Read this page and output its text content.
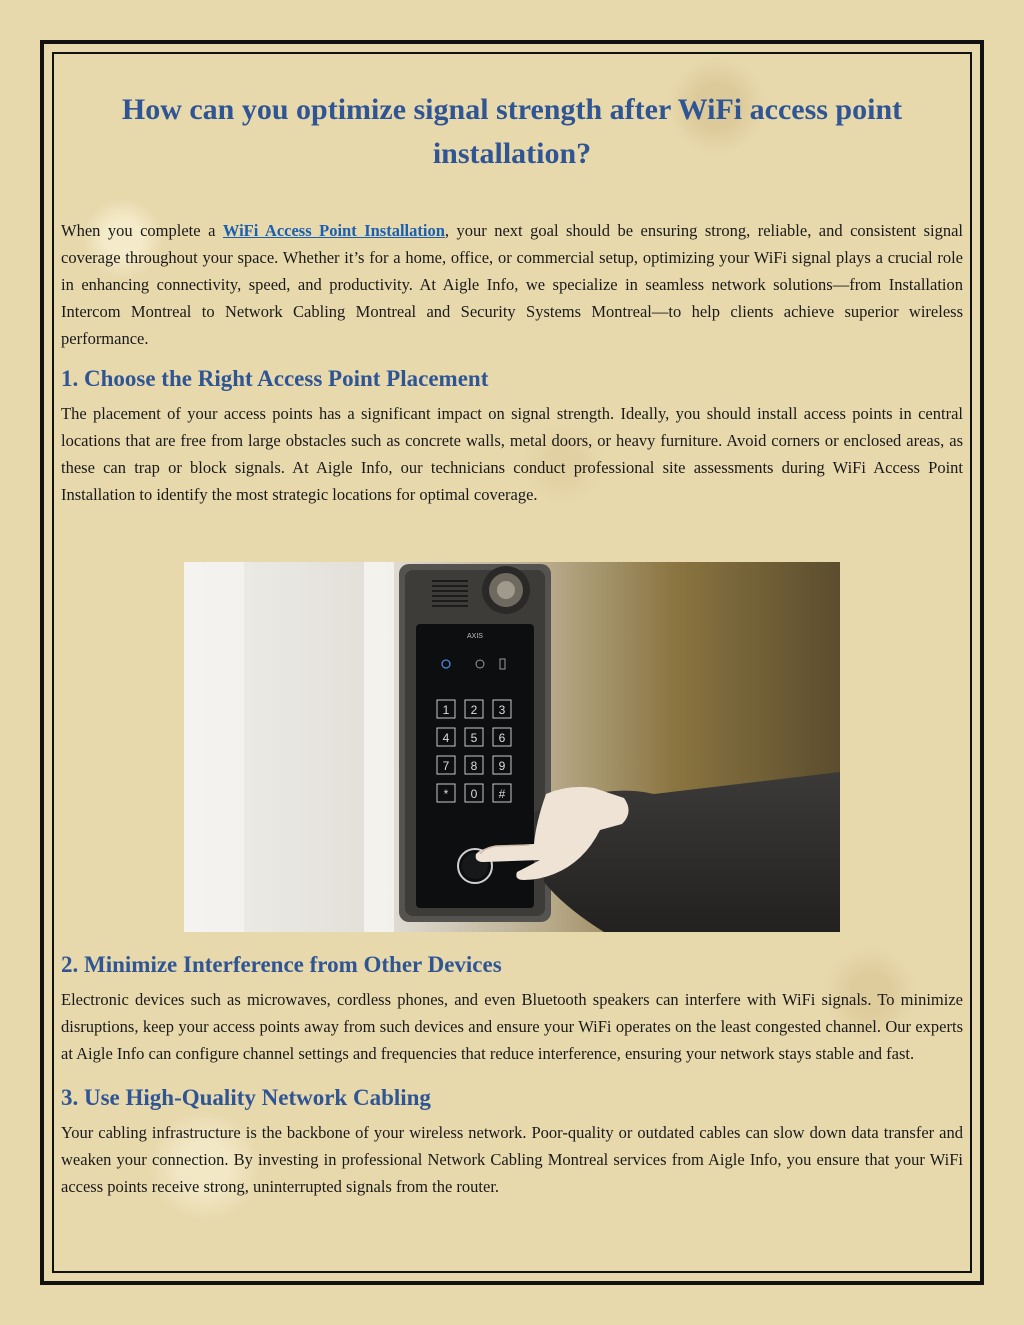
How can you optimize signal strength after WiFi access point installation?

When you complete a WiFi Access Point Installation, your next goal should be ensuring strong, reliable, and consistent signal coverage throughout your space. Whether it’s for a home, office, or commercial setup, optimizing your WiFi signal plays a crucial role in enhancing connectivity, speed, and productivity. At Aigle Info, we specialize in seamless network solutions—from Installation Intercom Montreal to Network Cabling Montreal and Security Systems Montreal—to help clients achieve superior wireless performance.

1. Choose the Right Access Point Placement

The placement of your access points has a significant impact on signal strength. Ideally, you should install access points in central locations that are free from large obstacles such as concrete walls, metal doors, or heavy furniture. Avoid corners or enclosed areas, as these can trap or block signals. At Aigle Info, our technicians conduct professional site assessments during WiFi Access Point Installation to identify the most strategic locations for optimal coverage.

AXIS
1 2 3
4 5 6
7 8 9
* 0 #
2. Minimize Interference from Other Devices

Electronic devices such as microwaves, cordless phones, and even Bluetooth speakers can interfere with WiFi signals. To minimize disruptions, keep your access points away from such devices and ensure your WiFi operates on the least congested channel. Our experts at Aigle Info can configure channel settings and frequencies that reduce interference, ensuring your network stays stable and fast.

3. Use High-Quality Network Cabling

Your cabling infrastructure is the backbone of your wireless network. Poor-quality or outdated cables can slow down data transfer and weaken your connection. By investing in professional Network Cabling Montreal services from Aigle Info, you ensure that your WiFi access points receive strong, uninterrupted signals from the router.
